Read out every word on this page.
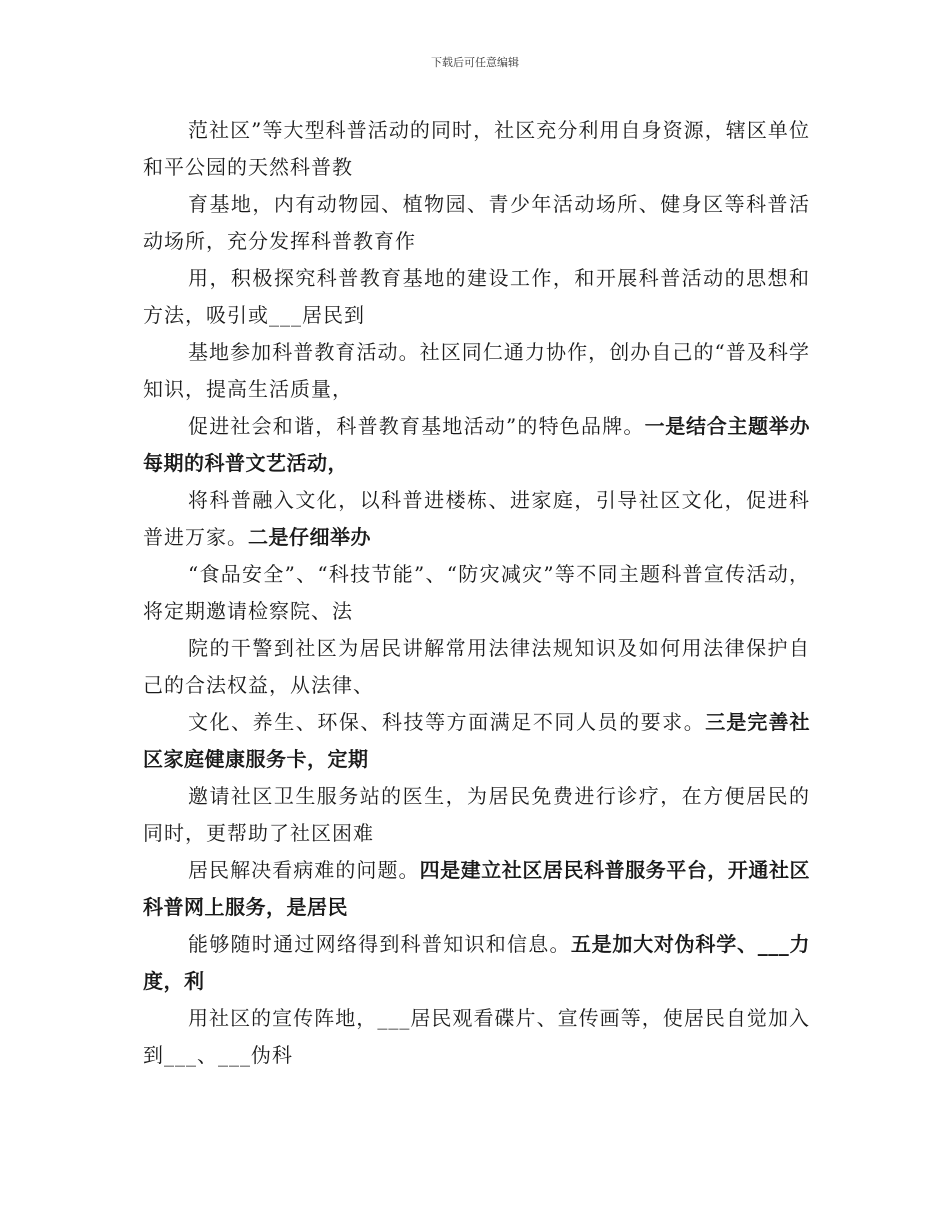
下载后可任意编辑

范社区”等大型科普活动的同时，社区充分利用自身资源，辖区单位和平公园的天然科普教

育基地，内有动物园、植物园、青少年活动场所、健身区等科普活动场所，充分发挥科普教育作

用，积极探究科普教育基地的建设工作，和开展科普活动的思想和方法，吸引或___居民到

基地参加科普教育活动。社区同仁通力协作，创办自己的“普及科学知识，提高生活质量，

促进社会和谐，科普教育基地活动”的特色品牌。一是结合主题举办每期的科普文艺活动，

将科普融入文化，以科普进楼栋、进家庭，引导社区文化，促进科普进万家。二是仔细举办

“食品安全”、“科技节能”、“防灾减灾”等不同主题科普宣传活动，将定期邀请检察院、法

院的干警到社区为居民讲解常用法律法规知识及如何用法律保护自己的合法权益，从法律、

文化、养生、环保、科技等方面满足不同人员的要求。三是完善社区家庭健康服务卡，定期

邀请社区卫生服务站的医生，为居民免费进行诊疗，在方便居民的同时，更帮助了社区困难

居民解决看病难的问题。四是建立社区居民科普服务平台，开通社区科普网上服务，是居民

能够随时通过网络得到科普知识和信息。五是加大对伪科学、___力度，利

用社区的宣传阵地，___居民观看碟片、宣传画等，使居民自觉加入到___、___伪科
